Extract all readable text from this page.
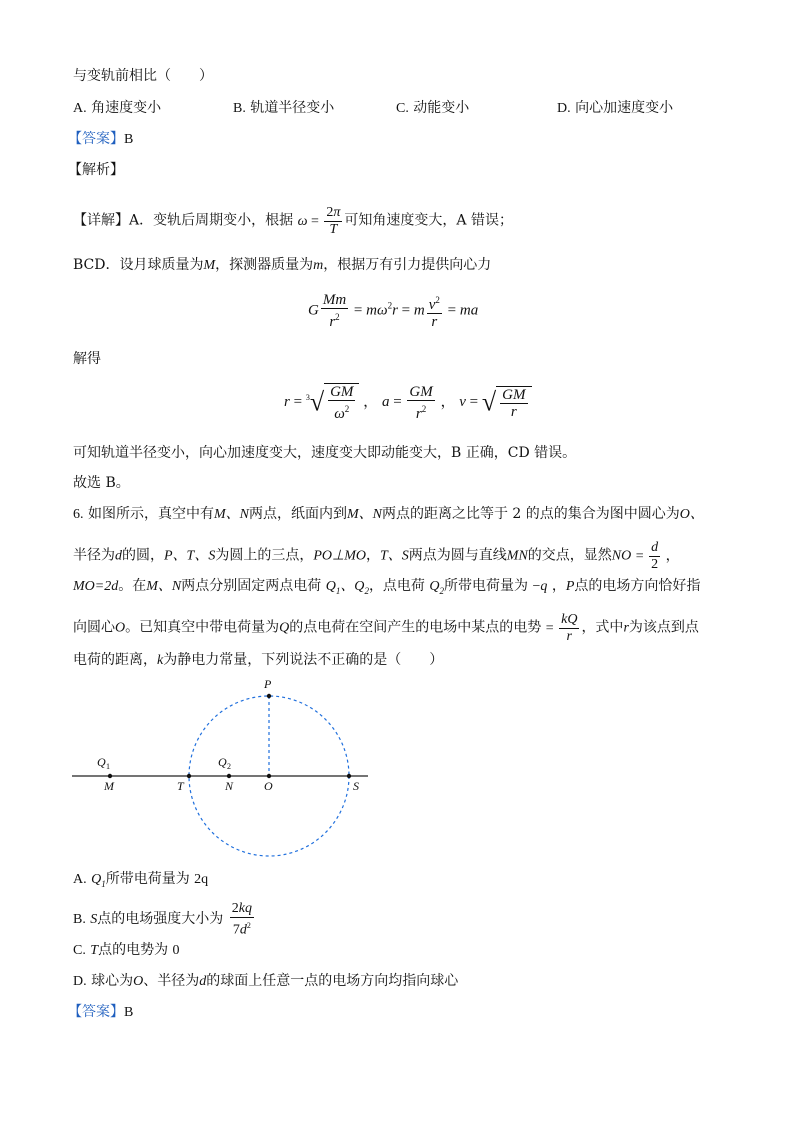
与变轨前相比（　　）
A. 角速度变小	B. 轨道半径变小	C. 动能变小	D. 向心加速度变小
【答案】B
【解析】
【详解】A．变轨后周期变小，根据 $\omega = \frac{2\pi}{T}$ 可知角速度变大，A 错误；
BCD．设月球质量为M，探测器质量为m，根据万有引力提供向心力
G $\frac{Mm}{r^2} = m\omega^2r = m \frac{v^2}{r}$ = ma
解得
$r = ^3√ \frac{GM}{\omega^2}$ ， $a = \frac{GM}{r^2}$ ， v = √ $\frac{GM}{r}$
可知轨道半径变小，向心加速度变大，速度变大即动能变大，B 正确，CD 错误。
故选 B。
6. 如图所示，真空中有M、N两点，纸面内到M、N两点的距离之比等于 2 的点的集合为图中圆心为O、
半径为d的圆，P、T、S为圆上的三点，PO⊥MO，T、S两点为圆与直线MN的交点，显然NO = $\frac{d}{2}$ ，
MO=2d。在M、N两点分别固定两点电荷 $Q_1$、$Q_2$，点电荷 $Q_2$所带电荷量为 −q ，P点的电场方向恰好指
向圆心O。已知真空中带电荷量为Q的点电荷在空间产生的电场中某点的电势 = $\frac{kQ}{r}$ ，式中r为该点到点
电荷的距离，k为静电力常量，下列说法不正确的是（　　）
P
Q 1	Q 2
M	T	N	O	S
A. $Q_1$所带电荷量为 2q
B. S点的电场强度大小为 $\frac{2kq}{7d^2}$
C. T点的电势为 0
D. 球心为O、半径为d的球面上任意一点的电场方向均指向球心
【答案】B
